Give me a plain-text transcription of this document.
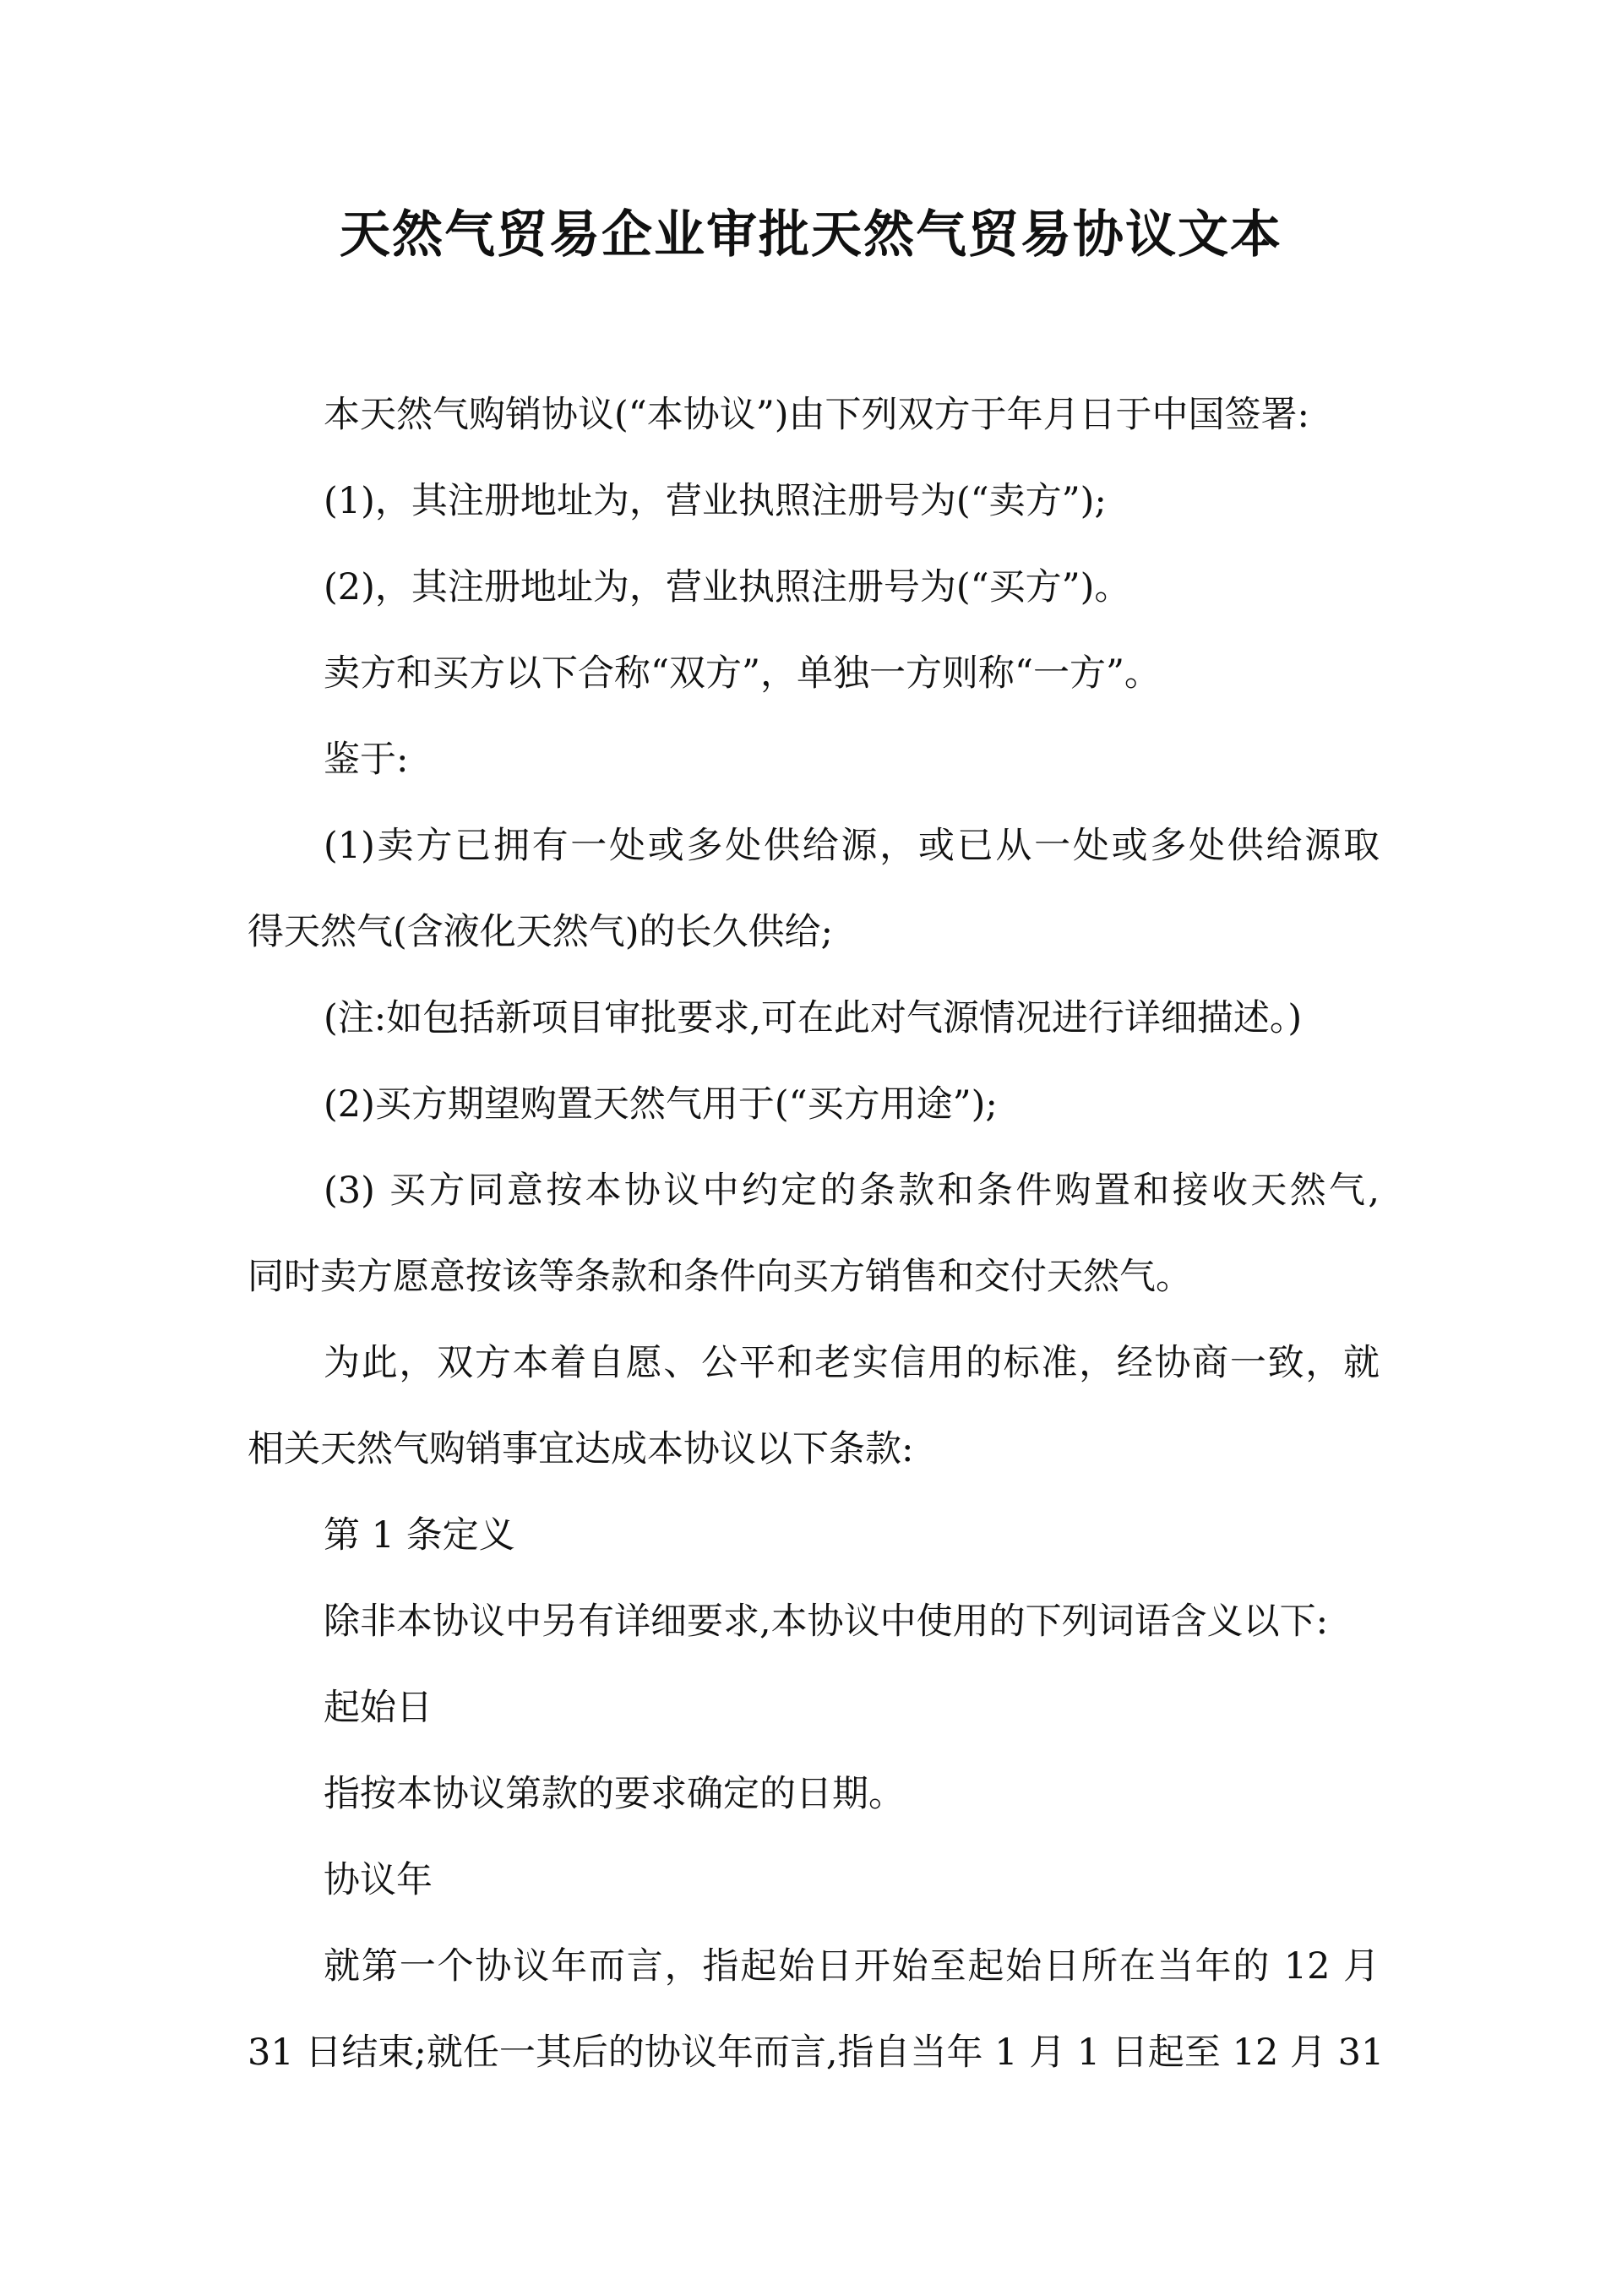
天然气贸易企业审批天然气贸易协议文本
本天然气购销协议(“本协议”)由下列双方于年月日于中国签署:
(1)，其注册地址为，营业执照注册号为(“卖方”);
(2)，其注册地址为，营业执照注册号为(“买方”)。
卖方和买方以下合称“双方”，单独一方则称“一方”。
鉴于:
(1)卖方已拥有一处或多处供给源，或已从一处或多处供给源取
得天然气(含液化天然气)的长久供给;
(注:如包括新项目审批要求,可在此对气源情况进行详细描述。)
(2)买方期望购置天然气用于(“买方用途”);
(3) 买方同意按本协议中约定的条款和条件购置和接收天然气,
同时卖方愿意按该等条款和条件向买方销售和交付天然气。
为此，双方本着自愿、公平和老实信用的标准，经协商一致，就
相关天然气购销事宜达成本协议以下条款:
第 1 条定义
除非本协议中另有详细要求,本协议中使用的下列词语含义以下:
起始日
指按本协议第款的要求确定的日期。
协议年
就第一个协议年而言，指起始日开始至起始日所在当年的 12 月
31 日结束;就任一其后的协议年而言,指自当年 1 月 1 日起至 12 月 31
